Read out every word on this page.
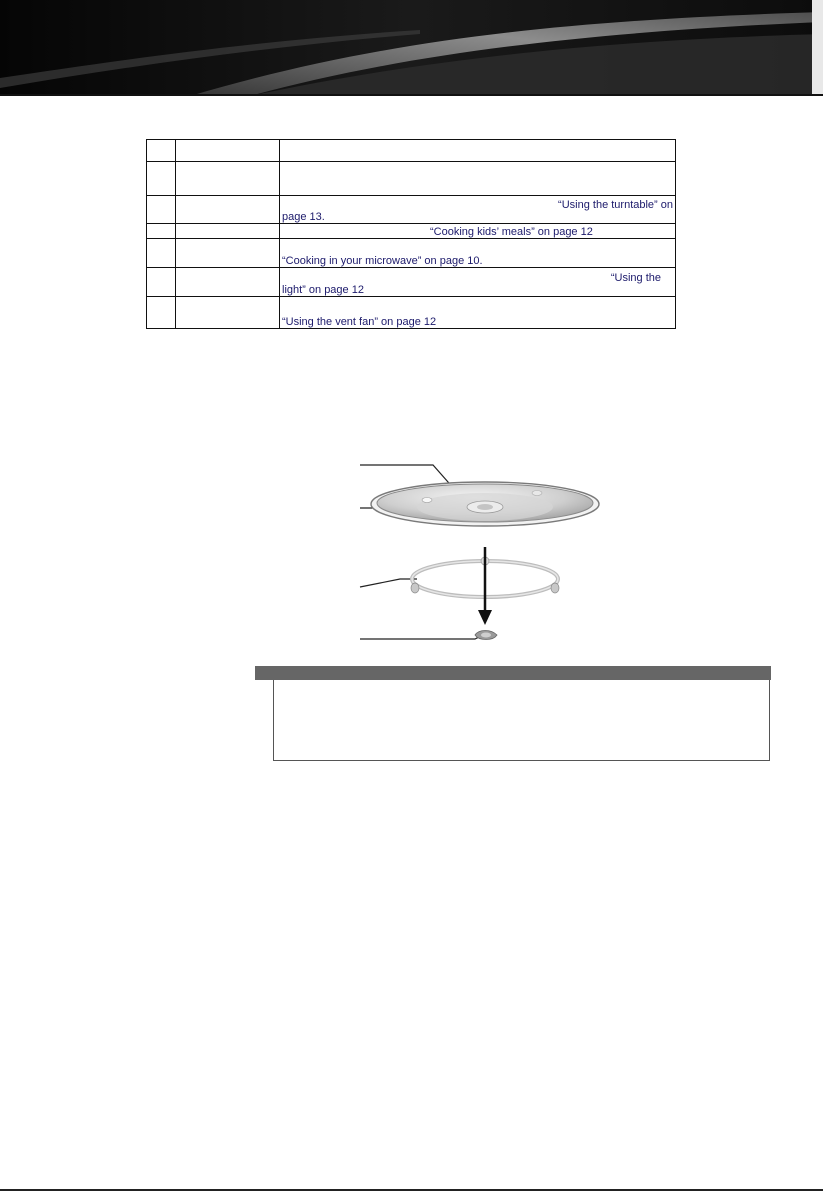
		“Using the turntable” on
page 13.

		“Cooking kids’ meals” on page 12
		“Cooking in your microwave” on page 10.

		“Using the
light” on page 12

		“Using the vent fan” on page 12
